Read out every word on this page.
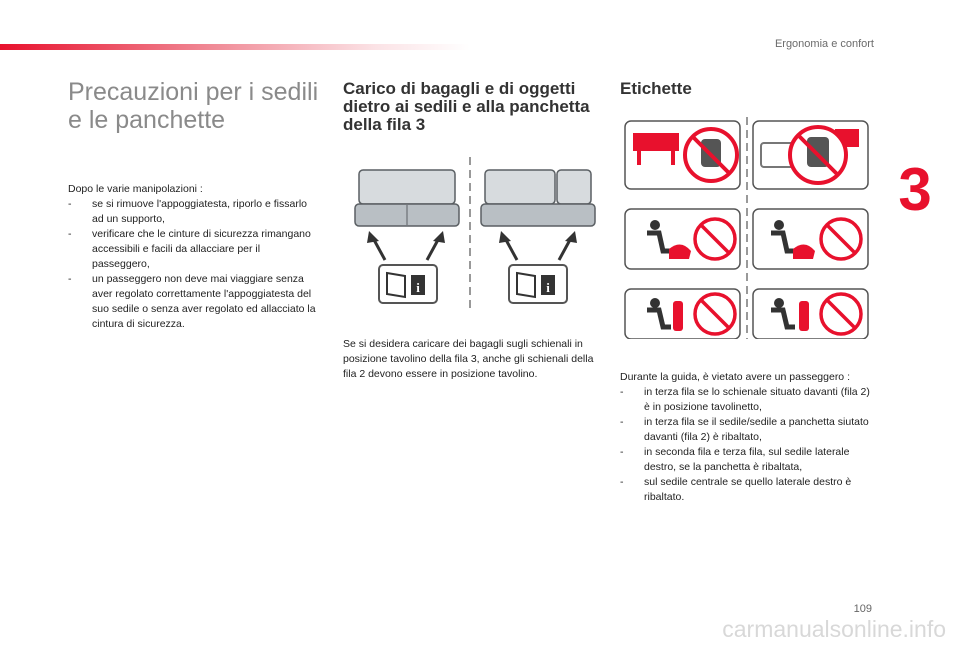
Ergonomia e confort
3
Precauzioni per i sedili e le panchette

Dopo le varie manipolazioni :

-	se si rimuove l'appoggiatesta, riporlo e fissarlo ad un supporto,
-	verificare che le cinture di sicurezza rimangano accessibili e facili da allacciare per il passeggero,
-	un passeggero non deve mai viaggiare senza aver regolato correttamente l'appoggiatesta del suo sedile o senza aver regolato ed allacciato la cintura di sicurezza.
Carico di bagagli e di oggetti dietro ai sedili e alla panchetta della fila 3
i	i
Se si desidera caricare dei bagagli sugli schienali in posizione tavolino della fila 3, anche gli schienali della fila 2 devono essere in posizione tavolino.
Etichette

Durante la guida, è vietato avere un passeggero :

-	in terza fila se lo schienale situato davanti (fila 2) è in posizione tavolinetto,
-	in terza fila se il sedile/sedile a panchetta siutato davanti (fila 2) è ribaltato,
-	in seconda fila e terza fila, sul sedile laterale destro, se la panchetta è ribaltata,
-	sul sedile centrale se quello laterale destro è ribaltato.
109
carmanualsonline.info
